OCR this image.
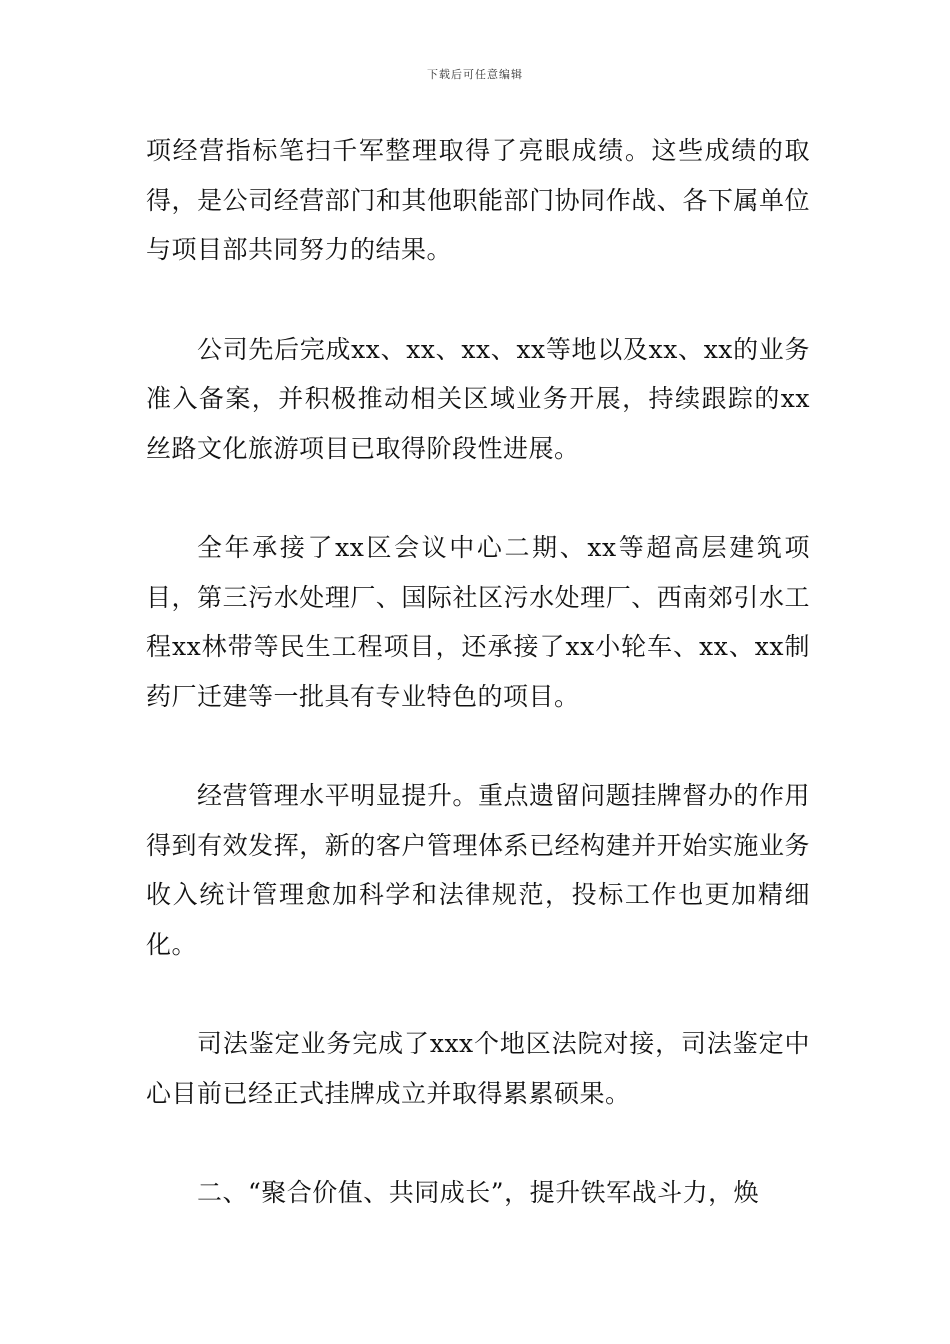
下载后可任意编辑

项经营指标笔扫千军整理取得了亮眼成绩。这些成绩的取得，是公司经营部门和其他职能部门协同作战、各下属单位与项目部共同努力的结果。

公司先后完成xx、xx、xx、xx等地以及xx、xx的业务准入备案，并积极推动相关区域业务开展，持续跟踪的xx丝路文化旅游项目已取得阶段性进展。

全年承接了xx区会议中心二期、xx等超高层建筑项目，第三污水处理厂、国际社区污水处理厂、西南郊引水工程xx林带等民生工程项目，还承接了xx小轮车、xx、xx制药厂迁建等一批具有专业特色的项目。

经营管理水平明显提升。重点遗留问题挂牌督办的作用得到有效发挥，新的客户管理体系已经构建并开始实施业务收入统计管理愈加科学和法律规范，投标工作也更加精细化。

司法鉴定业务完成了xxx个地区法院对接，司法鉴定中心目前已经正式挂牌成立并取得累累硕果。

二、“聚合价值、共同成长”，提升铁军战斗力，焕
